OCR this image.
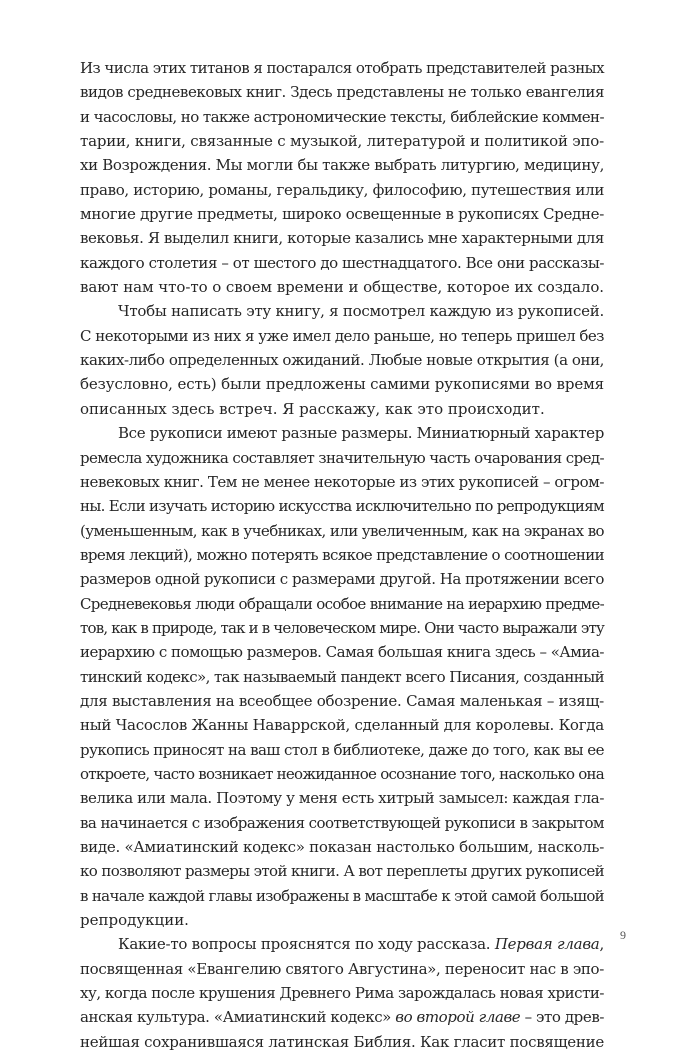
Из числа этих титанов я постарался отобрать представителей разных
видов средневековых книг. Здесь представлены не только евангелия
и часословы, но также астрономические тексты, библейские коммен-
тарии, книги, связанные с музыкой, литературой и политикой эпо-
хи Возрождения. Мы могли бы также выбрать литургию, медицину,
право, историю, романы, геральдику, философию, путешествия или
многие другие предметы, широко освещенные в рукописях Средне-
вековья. Я выделил книги, которые казались мне характерными для
каждого столетия – от шестого до шестнадцатого. Все они рассказы-
вают нам что-то о своем времени и обществе, которое их создало.
Чтобы написать эту книгу, я посмотрел каждую из рукописей.
С некоторыми из них я уже имел дело раньше, но теперь пришел без
каких-либо определенных ожиданий. Любые новые открытия (а они,
безусловно, есть) были предложены самими рукописями во время
описанных здесь встреч. Я расскажу, как это происходит.
Все рукописи имеют разные размеры. Миниатюрный характер
ремесла художника составляет значительную часть очарования сред-
невековых книг. Тем не менее некоторые из этих рукописей – огром-
ны. Если изучать историю искусства исключительно по репродукциям
(уменьшенным, как в учебниках, или увеличенным, как на экранах во
время лекций), можно потерять всякое представление о соотношении
размеров одной рукописи с размерами другой. На протяжении всего
Средневековья люди обращали особое внимание на иерархию предме-
тов, как в природе, так и в человеческом мире. Они часто выражали эту
иерархию с помощью размеров. Самая большая книга здесь – «Амиа-
тинский кодекс», так называемый пандект всего Писания, созданный
для выставления на всеобщее обозрение. Самая маленькая – изящ-
ный Часослов Жанны Наваррской, сделанный для королевы. Когда
рукопись приносят на ваш стол в библиотеке, даже до того, как вы ее
откроете, часто возникает неожиданное осознание того, насколько она
велика или мала. Поэтому у меня есть хитрый замысел: каждая гла-
ва начинается с изображения соответствующей рукописи в закрытом
виде. «Амиатинский кодекс» показан настолько большим, насколь-
ко позволяют размеры этой книги. А вот переплеты других рукописей
в начале каждой главы изображены в масштабе к этой самой большой
репродукции.
Какие-то вопросы прояснятся по ходу рассказа. Первая глава,
посвященная «Евангелию святого Августина», переносит нас в эпо-
ху, когда после крушения Древнего Рима зарождалась новая христи-
анская культура. «Амиатинский кодекс» во второй главе – это древ-
нейшая сохранившаяся латинская Библия. Как гласит посвящение
9
